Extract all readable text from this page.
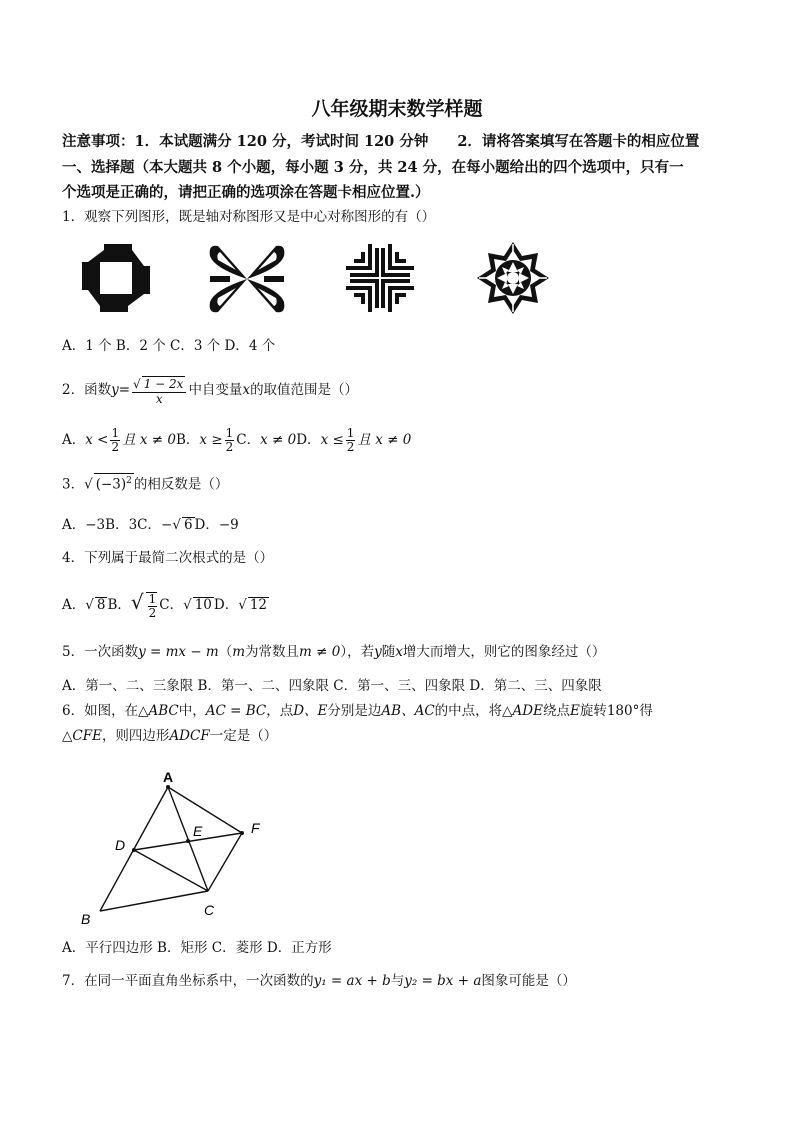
八年级期末数学样题
注意事项：1．本试题满分 120 分，考试时间 120 分钟　　2．请将答案填写在答题卡的相应位置
一、选择题（本大题共 8 个小题，每小题 3 分，共 24 分，在每小题给出的四个选项中，只有一
个选项是正确的，请把正确的选项涂在答题卡相应位置.）
1．观察下列图形，既是轴对称图形又是中心对称图形的有（）
A．1 个 B．2 个 C．3 个 D．4 个
2．函数$y= \frac{√ 1 - 2x}{x}$ 中自变量x的取值范围是（）
A．$x < \frac{1}{2}$ 且 x ≠ 0B．$x \ge \frac{1}{2}$ C．x ≠ 0D．$x \le \frac{1}{2}$ 且 x ≠ 0
3．√ $(-3)^2$ 的相反数是（）
A．−3B．3C．−√ 6 D．−9
4．下列属于最简二次根式的是（）
A．√ 8 B．√ $\frac{1}{2}$ C．√ 10 D．√ 12
5．一次函数y = mx − m（m为常数且m ≠ 0），若y随x增大而增大，则它的图象经过（）
A．第一、二、三象限 B．第一、二、四象限 C．第一、三、四象限 D．第二、三、四象限
6．如图，在△ABC中，AC = BC，点D、E分别是边AB、AC的中点，将△ADE绕点E旋转180°得
△CFE，则四边形ADCF一定是（）
A
D
E	F
B
C
A．平行四边形 B．矩形 C．菱形 D．正方形
7．在同一平面直角坐标系中，一次函数的y₁ = ax + b与y₂ = bx + a图象可能是（）
